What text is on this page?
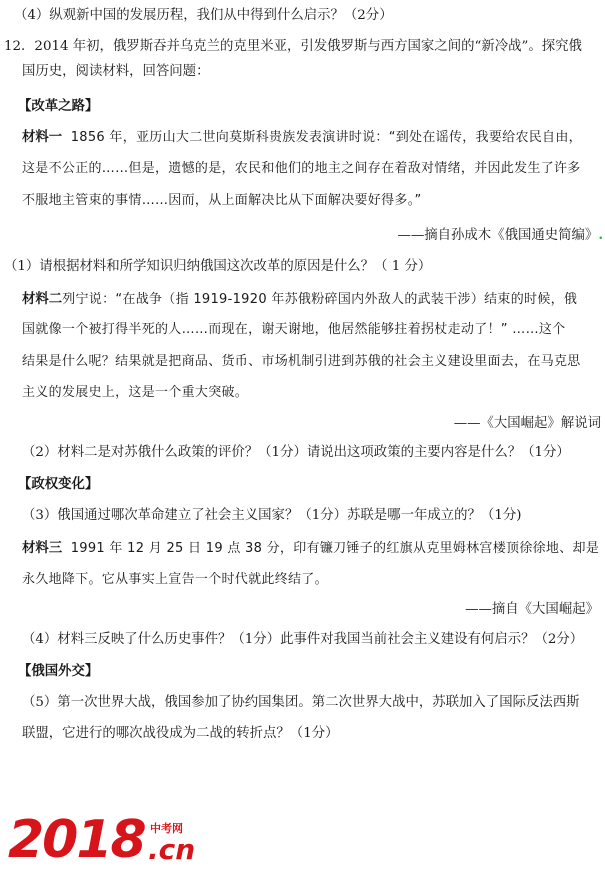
（4）纵观新中国的发展历程，我们从中得到什么启示？（2分）
12．2014 年初，俄罗斯吞并乌克兰的克里米亚，引发俄罗斯与西方国家之间的“新冷战”。探究俄
国历史，阅读材料，回答问题：
【改革之路】
材料一 1856 年，亚历山大二世向莫斯科贵族发表演讲时说：“到处在谣传，我要给农民自由，
这是不公正的……但是，遗憾的是，农民和他们的地主之间存在着敌对情绪，并因此发生了许多
不服地主管束的事情……因而，从上面解决比从下面解决要好得多。”
——摘自孙成木《俄国通史简编》.
（1）请根据材料和所学知识归纳俄国这次改革的原因是什么？（ 1 分）
材料二列宁说：“在战争（指 1919-1920 年苏俄粉碎国内外敌人的武装干涉）结束的时候，俄
国就像一个被打得半死的人……而现在，谢天谢地，他居然能够拄着拐杖走动了！” ……这个
结果是什么呢？结果就是把商品、货币、市场机制引进到苏俄的社会主义建设里面去，在马克思
主义的发展史上，这是一个重大突破。
——《大国崛起》解说词
（2）材料二是对苏俄什么政策的评价？（1分）请说出这项政策的主要内容是什么？（1分）
【政权变化】
（3）俄国通过哪次革命建立了社会主义国家？（1分）苏联是哪一年成立的？（1分)
材料三 1991 年 12 月 25 日 19 点 38 分，印有镰刀锤子的红旗从克里姆林宫楼顶徐徐地、却是
永久地降下。它从事实上宣告一个时代就此终结了。
——摘自《大国崛起》
（4）材料三反映了什么历史事件？（1分）此事件对我国当前社会主义建设有何启示？（2分）
【俄国外交】
（5）第一次世界大战，俄国参加了协约国集团。第二次世界大战中，苏联加入了国际反法西斯
联盟，它进行的哪次战役成为二战的转折点？（1分）
2018 中考网
.cn
